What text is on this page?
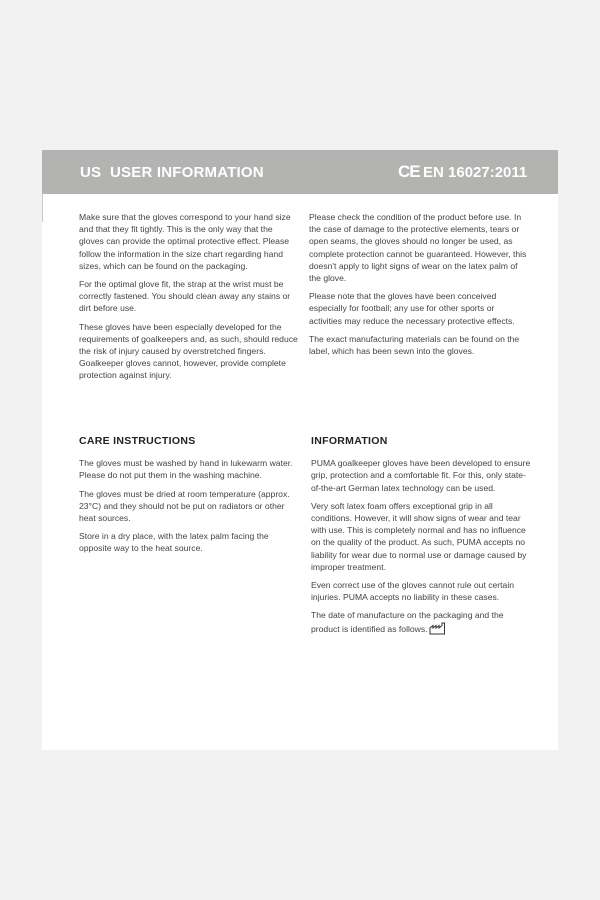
US USER INFORMATION	CE EN 16027:2011

Make sure that the gloves correspond to your hand size and that they fit tightly. This is the only way that the gloves can provide the optimal protective effect. Please follow the information in the size chart regarding hand sizes, which can be found on the packaging.

For the optimal glove fit, the strap at the wrist must be correctly fastened. You should clean away any stains or dirt before use.

These gloves have been especially developed for the requirements of goalkeepers and, as such, should reduce the risk of injury caused by overstretched fingers. Goalkeeper gloves cannot, however, provide complete protection against injury.

Please check the condition of the product before use. In the case of damage to the protective elements, tears or open seams, the gloves should no longer be used, as complete protection cannot be guaranteed. However, this doesn't apply to light signs of wear on the latex palm of the glove.

Please note that the gloves have been conceived especially for football; any use for other sports or activities may reduce the necessary protective effects.

The exact manufacturing materials can be found on the label, which has been sewn into the gloves.

CARE INSTRUCTIONS

The gloves must be washed by hand in lukewarm water. Please do not put them in the washing machine.

The gloves must be dried at room temperature (approx. 23°C) and they should not be put on radiators or other heat sources.

Store in a dry place, with the latex palm facing the opposite way to the heat source.

INFORMATION

PUMA goalkeeper gloves have been developed to ensure grip, protection and a comfortable fit. For this, only state-of-the-art German latex technology can be used.

Very soft latex foam offers exceptional grip in all conditions. However, it will show signs of wear and tear with use. This is completely normal and has no influence on the quality of the product. As such, PUMA accepts no liability for wear due to normal use or damage caused by improper treatment.

Even correct use of the gloves cannot rule out certain injuries. PUMA accepts no liability in these cases.

The date of manufacture on the packaging and the product is identified as follows.
